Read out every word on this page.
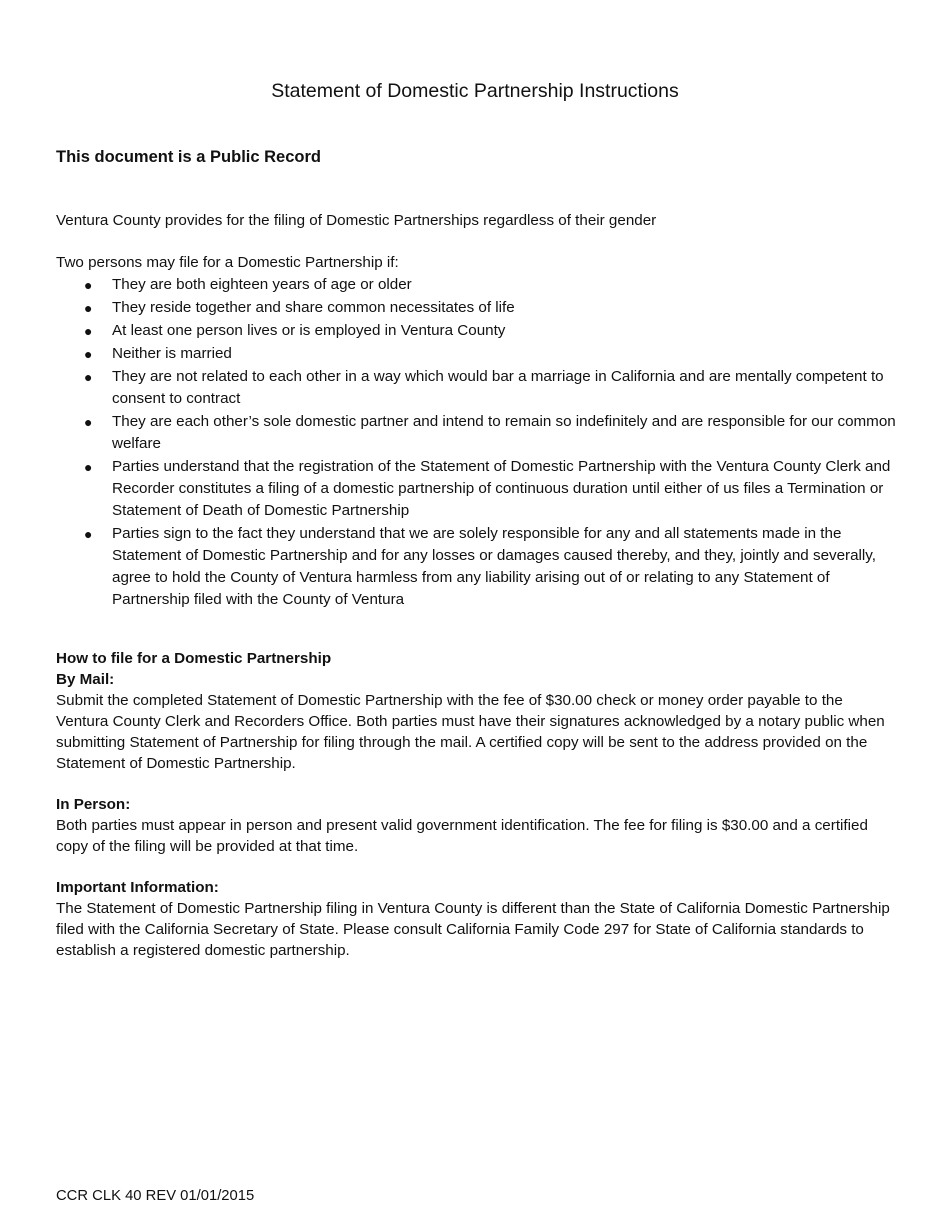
Statement of Domestic Partnership Instructions
This document is a Public Record
Ventura County provides for the filing of Domestic Partnerships regardless of their gender
Two persons may file for a Domestic Partnership if:
● They are both eighteen years of age or older
● They reside together and share common necessitates of life
● At least one person lives or is employed in Ventura County
● Neither is married
● They are not related to each other in a way which would bar a marriage in California and are mentally competent to consent to contract
● They are each other’s sole domestic partner and intend to remain so indefinitely and are responsible for our common welfare
● Parties understand that the registration of the Statement of Domestic Partnership with the Ventura County Clerk and Recorder constitutes a filing of a domestic partnership of continuous duration until either of us files a Termination or Statement of Death of Domestic Partnership
● Parties sign to the fact they understand that we are solely responsible for any and all statements made in the Statement of Domestic Partnership and for any losses or damages caused thereby, and they, jointly and severally, agree to hold the County of Ventura harmless from any liability arising out of or relating to any Statement of Partnership filed with the County of Ventura
How to file for a Domestic Partnership
By Mail:
Submit the completed Statement of Domestic Partnership with the fee of $30.00 check or money order payable to the Ventura County Clerk and Recorders Office. Both parties must have their signatures acknowledged by a notary public when submitting Statement of Partnership for filing through the mail. A certified copy will be sent to the address provided on the Statement of Domestic Partnership.
In Person:
Both parties must appear in person and present valid government identification. The fee for filing is $30.00 and a certified copy of the filing will be provided at that time.
Important Information:
The Statement of Domestic Partnership filing in Ventura County is different than the State of California Domestic Partnership filed with the California Secretary of State. Please consult California Family Code 297 for State of California standards to establish a registered domestic partnership.
CCR CLK 40 REV 01/01/2015
